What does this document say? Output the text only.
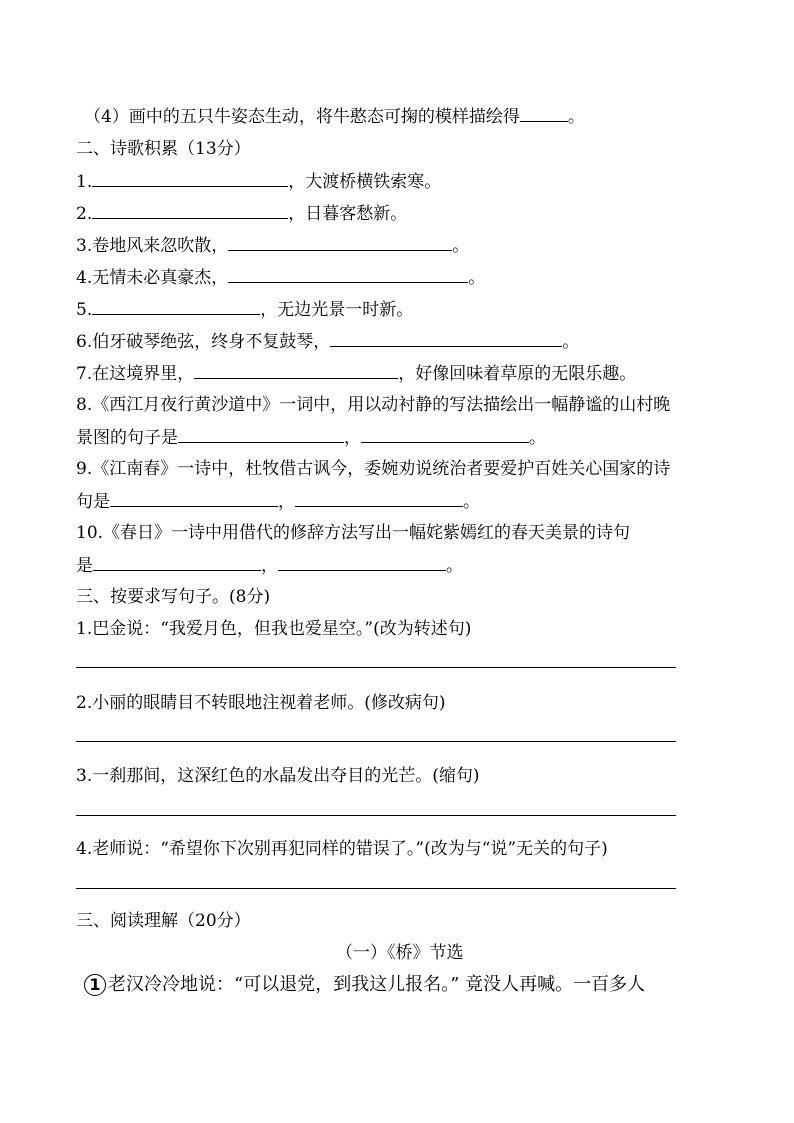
（4）画中的五只牛姿态生动，将牛憨态可掬的模样描绘得	。
二、诗歌积累（13分）
1.	，大渡桥横铁索寒。
2.	，日暮客愁新。
3.卷地风来忽吹散，	。
4.无情未必真豪杰，	。
5.	，无边光景一时新。
6.伯牙破琴绝弦，终身不复鼓琴，	。
7.在这境界里，	，好像回味着草原的无限乐趣。
8.《西江月夜行黄沙道中》一词中，用以动衬静的写法描绘出一幅静谧的山村晚
景图的句子是	，	。
9.《江南春》一诗中，杜牧借古讽今，委婉劝说统治者要爱护百姓关心国家的诗
句是	，	。
10.《春日》一诗中用借代的修辞方法写出一幅姹紫嫣红的春天美景的诗句
是	，	。
三、按要求写句子。(8分)
1.巴金说：“我爱月色，但我也爱星空。”(改为转述句)
2.小丽的眼睛目不转眼地注视着老师。(修改病句)
3.一刹那间，这深红色的水晶发出夺目的光芒。(缩句)
4.老师说：“希望你下次别再犯同样的错误了。”(改为与“说”无关的句子)
三、阅读理解（20分）
（一）《桥》节选
1 老汉冷冷地说：“可以退党，到我这儿报名。” 竟没人再喊。一百多人
